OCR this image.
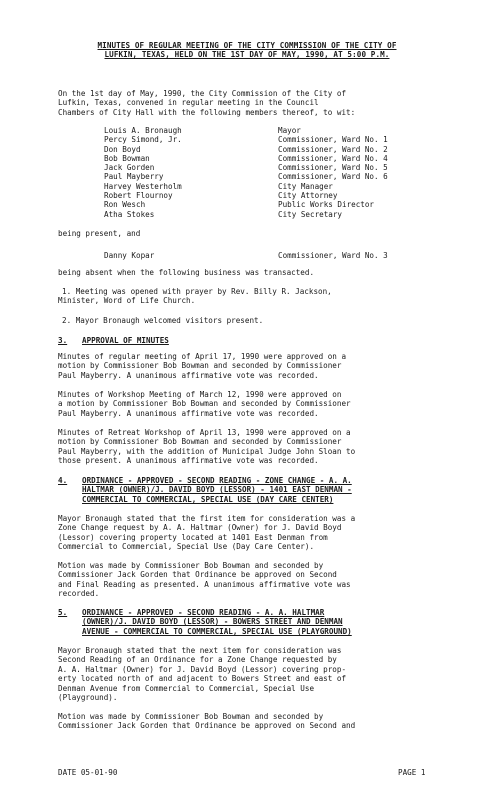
MINUTES OF REGULAR MEETING OF THE CITY COMMISSION OF THE CITY OF
LUFKIN, TEXAS, HELD ON THE 1ST DAY OF MAY, 1990, AT 5:00 P.M.
On the 1st day of May, 1990, the City Commission of the City of
Lufkin, Texas, convened in regular meeting in the Council
Chambers of City Hall with the following members thereof, to wit:
Louis A. Bronaugh	Mayor
Percy Simond, Jr.	Commissioner, Ward No. 1
Don Boyd	Commissioner, Ward No. 2
Bob Bowman	Commissioner, Ward No. 4
Jack Gorden	Commissioner, Ward No. 5
Paul Mayberry	Commissioner, Ward No. 6
Harvey Westerholm	City Manager
Robert Flournoy	City Attorney
Ron Wesch	Public Works Director
Atha Stokes	City Secretary
being present, and
Danny Kopar	Commissioner, Ward No. 3
being absent when the following business was transacted.
1. Meeting was opened with prayer by Rev. Billy R. Jackson,
Minister, Word of Life Church.
2. Mayor Bronaugh welcomed visitors present.
3. APPROVAL OF MINUTES
Minutes of regular meeting of April 17, 1990 were approved on a
motion by Commissioner Bob Bowman and seconded by Commissioner
Paul Mayberry. A unanimous affirmative vote was recorded.
Minutes of Workshop Meeting of March 12, 1990 were approved on
a motion by Commissioner Bob Bowman and seconded by Commissioner
Paul Mayberry. A unanimous affirmative vote was recorded.
Minutes of Retreat Workshop of April 13, 1990 were approved on a
motion by Commissioner Bob Bowman and seconded by Commissioner
Paul Mayberry, with the addition of Municipal Judge John Sloan to
those present. A unanimous affirmative vote was recorded.
4. ORDINANCE - APPROVED - SECOND READING - ZONE CHANGE - A. A.
HALTMAR (OWNER)/J. DAVID BOYD (LESSOR) - 1401 EAST DENMAN -
COMMERCIAL TO COMMERCIAL, SPECIAL USE (DAY CARE CENTER)
Mayor Bronaugh stated that the first item for consideration was a
Zone Change request by A. A. Haltmar (Owner) for J. David Boyd
(Lessor) covering property located at 1401 East Denman from
Commercial to Commercial, Special Use (Day Care Center).
Motion was made by Commissioner Bob Bowman and seconded by
Commissioner Jack Gorden that Ordinance be approved on Second
and Final Reading as presented. A unanimous affirmative vote was
recorded.
5. ORDINANCE - APPROVED - SECOND READING - A. A. HALTMAR
(OWNER)/J. DAVID BOYD (LESSOR) - BOWERS STREET AND DENMAN
AVENUE - COMMERCIAL TO COMMERCIAL, SPECIAL USE (PLAYGROUND)
Mayor Bronaugh stated that the next item for consideration was
Second Reading of an Ordinance for a Zone Change requested by
A. A. Haltmar (Owner) for J. David Boyd (Lessor) covering prop-
erty located north of and adjacent to Bowers Street and east of
Denman Avenue from Commercial to Commercial, Special Use
(Playground).
Motion was made by Commissioner Bob Bowman and seconded by
Commissioner Jack Gorden that Ordinance be approved on Second and
DATE 05-01-90	PAGE 1
